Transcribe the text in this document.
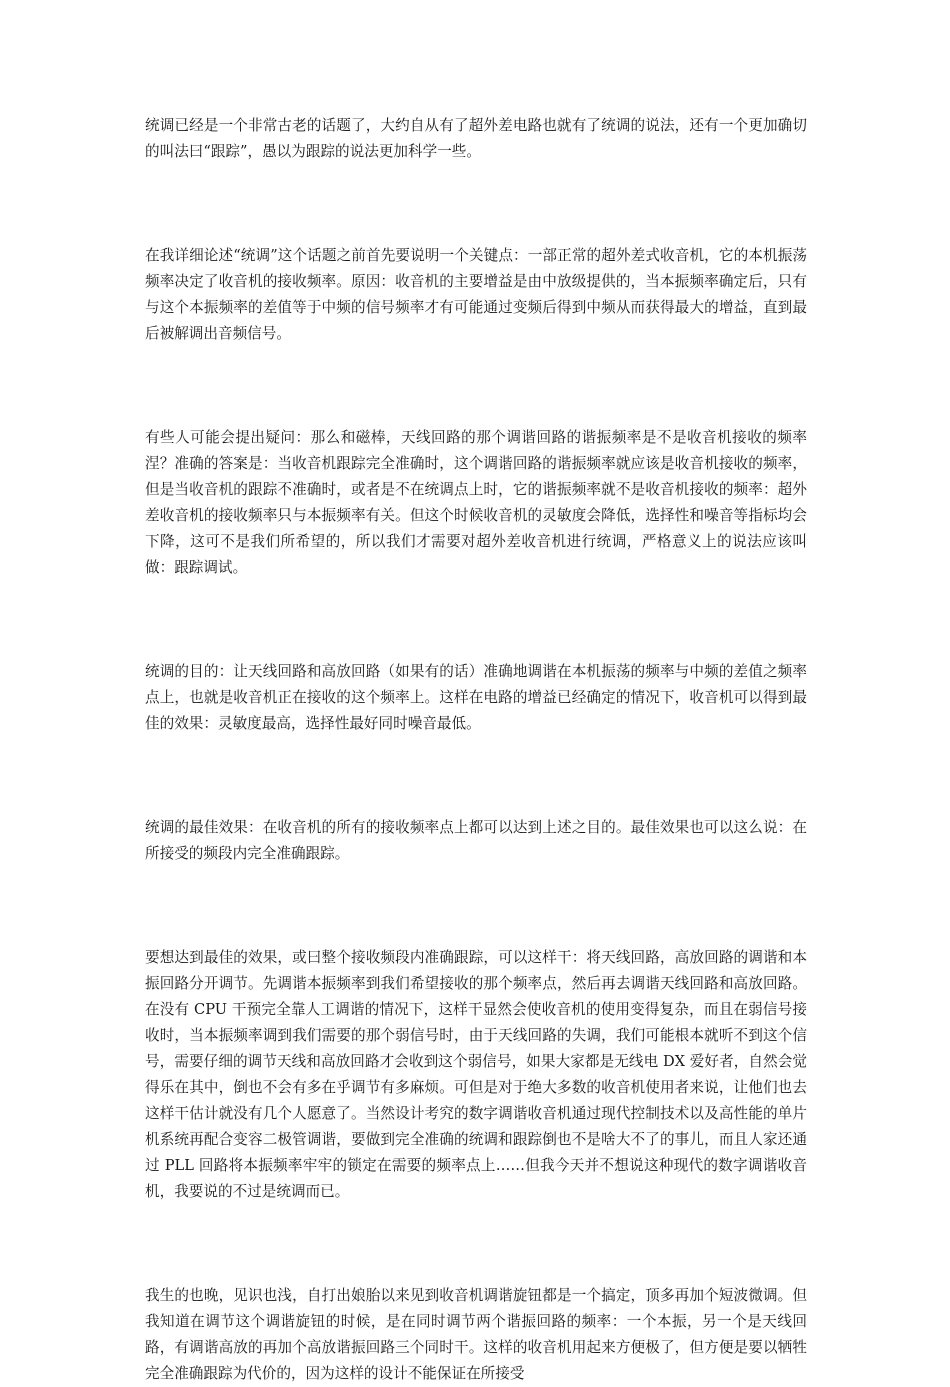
统调已经是一个非常古老的话题了，大约自从有了超外差电路也就有了统调的说法，还有一个更加确切的叫法曰“跟踪”，愚以为跟踪的说法更加科学一些。

在我详细论述“统调”这个话题之前首先要说明一个关键点：一部正常的超外差式收音机，它的本机振荡频率决定了收音机的接收频率。原因：收音机的主要增益是由中放级提供的，当本振频率确定后，只有与这个本振频率的差值等于中频的信号频率才有可能通过变频后得到中频从而获得最大的增益，直到最后被解调出音频信号。

有些人可能会提出疑问：那么和磁棒，天线回路的那个调谐回路的谐振频率是不是收音机接收的频率涅？准确的答案是：当收音机跟踪完全准确时，这个调谐回路的谐振频率就应该是收音机接收的频率，但是当收音机的跟踪不准确时，或者是不在统调点上时，它的谐振频率就不是收音机接收的频率：超外差收音机的接收频率只与本振频率有关。但这个时候收音机的灵敏度会降低，选择性和噪音等指标均会下降，这可不是我们所希望的，所以我们才需要对超外差收音机进行统调，严格意义上的说法应该叫做：跟踪调试。

统调的目的：让天线回路和高放回路（如果有的话）准确地调谐在本机振荡的频率与中频的差值之频率点上，也就是收音机正在接收的这个频率上。这样在电路的增益已经确定的情况下，收音机可以得到最佳的效果：灵敏度最高，选择性最好同时噪音最低。

统调的最佳效果：在收音机的所有的接收频率点上都可以达到上述之目的。最佳效果也可以这么说：在所接受的频段内完全准确跟踪。

要想达到最佳的效果，或曰整个接收频段内准确跟踪，可以这样干：将天线回路，高放回路的调谐和本振回路分开调节。先调谐本振频率到我们希望接收的那个频率点，然后再去调谐天线回路和高放回路。在没有 CPU 干预完全靠人工调谐的情况下，这样干显然会使收音机的使用变得复杂，而且在弱信号接收时，当本振频率调到我们需要的那个弱信号时，由于天线回路的失调，我们可能根本就听不到这个信号，需要仔细的调节天线和高放回路才会收到这个弱信号，如果大家都是无线电 DX 爱好者，自然会觉得乐在其中，倒也不会有多在乎调节有多麻烦。可但是对于绝大多数的收音机使用者来说，让他们也去这样干估计就没有几个人愿意了。当然设计考究的数字调谐收音机通过现代控制技术以及高性能的单片机系统再配合变容二极管调谐，要做到完全准确的统调和跟踪倒也不是啥大不了的事儿，而且人家还通过 PLL 回路将本振频率牢牢的锁定在需要的频率点上……但我今天并不想说这种现代的数字调谐收音机，我要说的不过是统调而已。

我生的也晚，见识也浅，自打出娘胎以来见到收音机调谐旋钮都是一个搞定，顶多再加个短波微调。但我知道在调节这个调谐旋钮的时候，是在同时调节两个谐振回路的频率：一个本振，另一个是天线回路，有调谐高放的再加个高放谐振回路三个同时干。这样的收音机用起来方便极了，但方便是要以牺牲完全准确跟踪为代价的，因为这样的设计不能保证在所接受
